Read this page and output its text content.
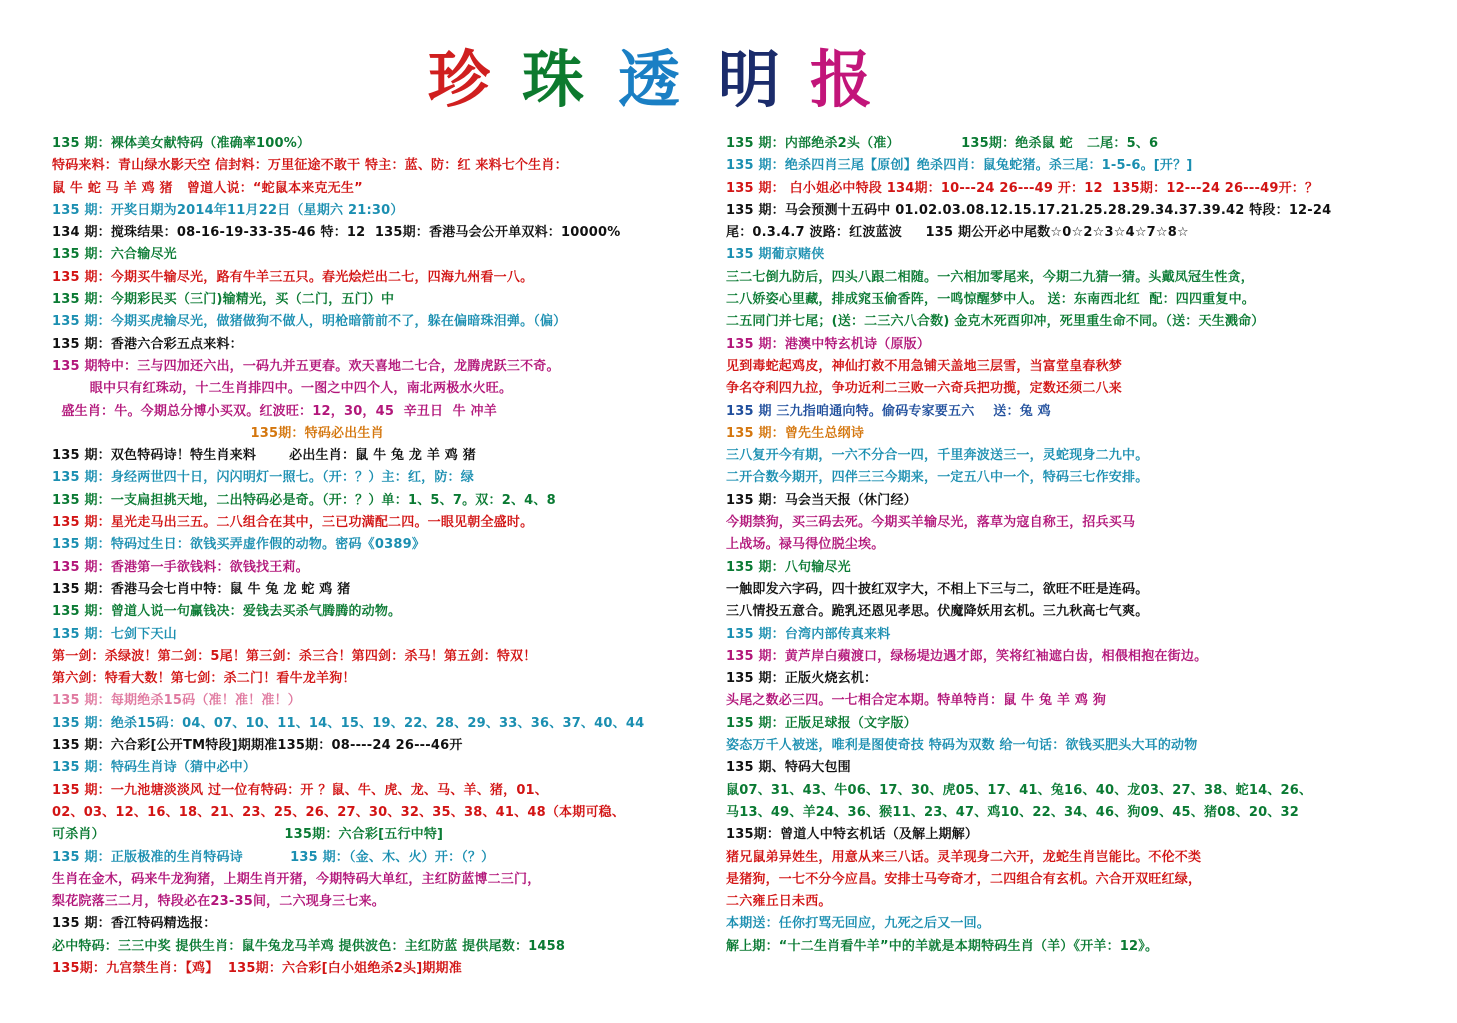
珍 珠 透 明 报
135 期：裸体美女献特码（准确率100%）
特码来料：青山绿水影天空 信封料：万里征途不敢干 特主：蓝、防：红 来料七个生肖：
鼠 牛 蛇 马 羊 鸡 猪   曾道人说：“蛇鼠本来克无生”
135 期：开奖日期为2014年11月22日（星期六 21:30）
134 期：搅珠结果：08-16-19-33-35-46 特：12  135期：香港马会公开单双料：10000%
135 期：六合输尽光
135 期：今期买牛输尽光，路有牛羊三五只。春光烩烂出二七，四海九州看一八。
135 期：今期彩民买（三门)输精光，买（二门，五门）中
135 期：今期买虎输尽光，做猪做狗不做人，明枪暗箭前不了，躲在偏暗珠泪弹。（偏）
135 期：香港六合彩五点来料：
135 期特中：三与四加还六出，一码九并五更春。欢天喜地二七合，龙腾虎跃三不奇。
眼中只有红珠动，十二生肖排四中。一图之中四个人，南北两极水火旺。
盛生肖：牛。今期总分博小买双。红波旺：12，30，45  辛丑日  牛 冲羊
135期：特码必出生肖
135 期：双色特码诗！特生肖来料       必出生肖：鼠 牛 兔 龙 羊 鸡 猪
135 期：身经两世四十日，闪闪明灯一照七。（开：？）主：红，防：绿
135 期：一支扁担挑天地，二出特码必是奇。（开：？）单：1、5、7。双：2、4、8
135 期：星光走马出三五。二八组合在其中，三已功满配二四。一眼见朝全盛时。
135 期：特码过生日：欲钱买弄虚作假的动物。密码《0389》
135 期：香港第一手欲钱料：欲钱找王莉。
135 期：香港马会七肖中特：鼠 牛 兔 龙 蛇 鸡 猪
135 期：曾道人说一句赢钱决：爱钱去买杀气腾腾的动物。
135 期：七剑下天山
第一剑：杀绿波！第二剑：5尾！第三剑：杀三合！第四剑：杀马！第五剑：特双！
第六剑：特看大数！第七剑：杀二门！看牛龙羊狗！
135 期：每期绝杀15码（准！准！准！）
135 期：绝杀15码：04、07、10、11、14、15、19、22、28、29、33、36、37、40、44
135 期：六合彩[公开TM特段]期期准135期：08----24 26---46开
135 期：特码生肖诗（猜中必中）
135 期：一九池塘淡淡风 过一位有特码：开 ？鼠、牛、虎、龙、马、羊、猪，01、
02、03、12、16、18、21、23、25、26、27、30、32、35、38、41、48（本期可稳、
可杀肖）                                      135期：六合彩[五行中特]
135 期：正版极准的生肖特码诗          135 期：（金、木、火）开：（？）
生肖在金木，码来牛龙狗猪，上期生肖开猪，今期特码大单红，主红防蓝博二三门，
梨花院落三二月，特段必在23-35间，二六现身三七来。
135 期：香江特码精选报：
必中特码：三三中奖 提供生肖：鼠牛兔龙马羊鸡 提供波色：主红防蓝 提供尾数：1458
135期：九宫禁生肖：【鸡】  135期：六合彩[白小姐绝杀2头]期期准
135 期：内部绝杀2头（准）             135期：绝杀鼠 蛇   二尾：5、6
135 期：绝杀四肖三尾【原创】绝杀四肖：鼠兔蛇猪。杀三尾：1-5-6。[开？]
135 期： 白小姐必中特段 134期：10---24 26---49 开：12  135期：12---24 26---49开：？
135 期：马会预测十五码中 01.02.03.08.12.15.17.21.25.28.29.34.37.39.42 特段：12-24
尾：0.3.4.7 波路：红波蓝波     135 期公开必中尾数☆0☆2☆3☆4☆7☆8☆
135 期葡京赌侠
三二七倒九防后，四头八跟二相随。一六相加零尾来，今期二九猜一猜。头戴凤冠生性贪，
二八娇姿心里藏，排成窕玉偷香阵，一鸣惊醒梦中人。 送：东南西北红  配：四四重复中。
二五同门并七尾；(送：二三六八合数) 金克木死酉卯冲，死里重生命不同。（送：天生溅命）
135 期：港澳中特玄机诗（原版）
见到毒蛇起鸡皮，神仙打救不用急铺天盖地三层雪，当富堂皇春秋梦
争名夺利四九拉，争功近利二三败一六奇兵把功揽，定数还须二八来
135 期 三九指咱通向特。偷码专家要五六    送：兔 鸡
135 期：曾先生总纲诗
三八复开今有期，一六不分合一四，千里奔波送三一，灵蛇现身二九中。
二开合数今期开，四伴三三今期来，一定五八中一个，特码三七作安排。
135 期：马会当天报（休门经）
今期禁狗，买三码去死。今期买羊输尽光，落草为寇自称王，招兵买马
上战场。禄马得位脱尘埃。
135 期：八句输尽光
一触即发六字码，四十披红双字大，不相上下三与二，欲旺不旺是连码。
三八情投五意合。跪乳还恩见孝思。伏魔降妖用玄机。三九秋高七气爽。
135 期：台湾内部传真来料
135 期：黄芦岸白蘋渡口，绿杨堤边遇才郎，笑将红袖遮白齿，相偎相抱在街边。
135 期：正版火烧玄机：
头尾之数必三四。一七相合定本期。特单特肖：鼠 牛 兔 羊 鸡 狗
135 期：正版足球报（文字版）
姿态万千人被迷，唯利是图使奇技 特码为双数 给一句话：欲钱买肥头大耳的动物
135 期、特码大包围
鼠07、31、43、牛06、17、30、虎05、17、41、兔16、40、龙03、27、38、蛇14、26、
马13、49、羊24、36、猴11、23、47、鸡10、22、34、46、狗09、45、猪08、20、32
135期：曾道人中特玄机话（及解上期解）
猪兄鼠弟异姓生，用意从来三八话。灵羊现身二六开，龙蛇生肖岂能比。不伦不类
是猪狗，一七不分今应昌。安排士马夸奇才，二四组合有玄机。六合开双旺红绿，
二六雍丘日未西。
本期送：任你打骂无回应，九死之后又一回。
解上期：“十二生肖看牛羊”中的羊就是本期特码生肖（羊）《开羊：12》。
